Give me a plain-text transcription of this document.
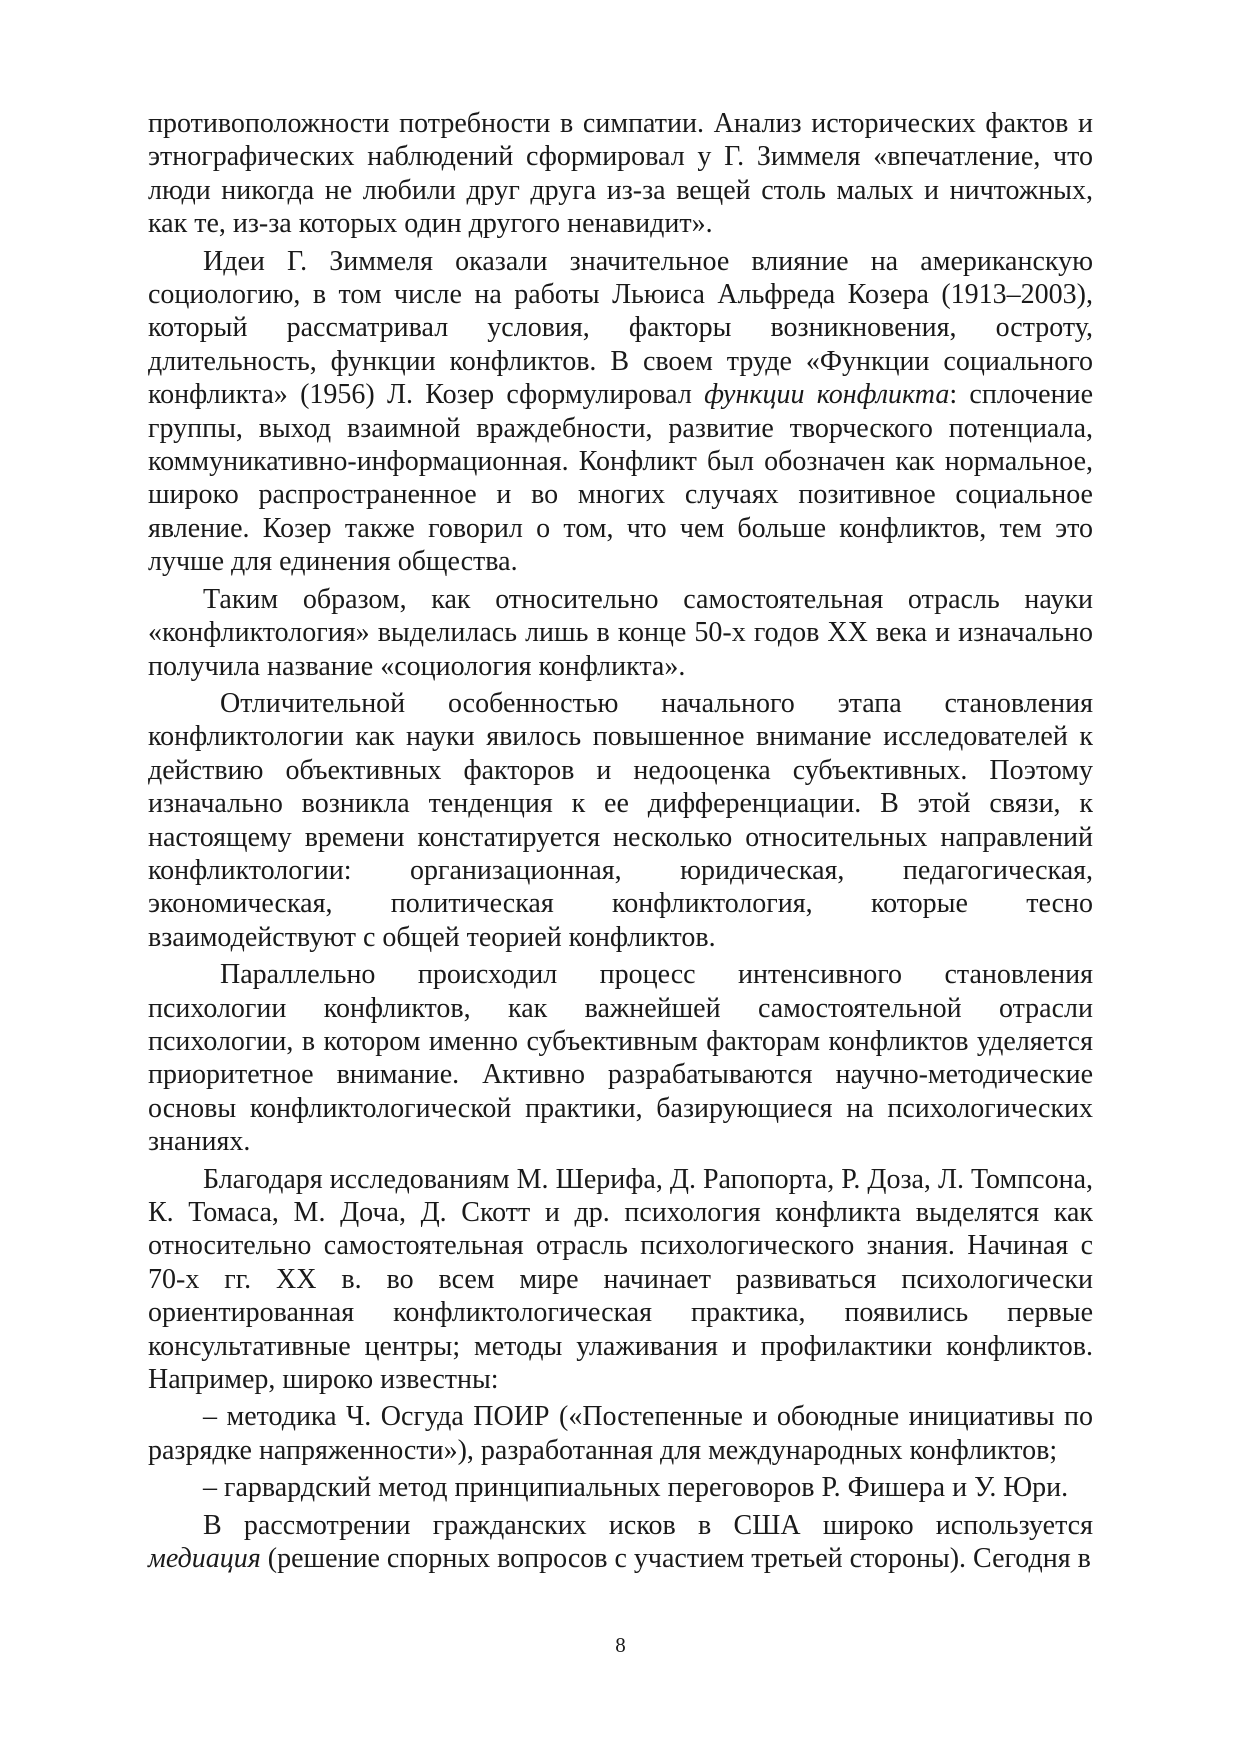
противоположности потребности в симпатии. Анализ исторических фактов и этнографических наблюдений сформировал у Г. Зиммеля «впечатление, что люди никогда не любили друг друга из-за вещей столь малых и ничтожных, как те, из-за которых один другого ненавидит».

Идеи Г. Зиммеля оказали значительное влияние на американскую социологию, в том числе на работы Льюиса Альфреда Козера (1913–2003), который рассматривал условия, факторы возникновения, остроту, длительность, функции конфликтов. В своем труде «Функции социального конфликта» (1956) Л. Козер сформулировал функции конфликта: сплочение группы, выход взаимной враждебности, развитие творческого потенциала, коммуникативно-информационная. Конфликт был обозначен как нормальное, широко распространенное и во многих случаях позитивное социальное явление. Козер также говорил о том, что чем больше конфликтов, тем это лучше для единения общества.

Таким образом, как относительно самостоятельная отрасль науки «конфликтология» выделилась лишь в конце 50-х годов XX века и изначально получила название «социология конфликта».

Отличительной особенностью начального этапа становления конфликтологии как науки явилось повышенное внимание исследователей к действию объективных факторов и недооценка субъективных. Поэтому изначально возникла тенденция к ее дифференциации. В этой связи, к настоящему времени констатируется несколько относительных направлений конфликтологии: организационная, юридическая, педагогическая, экономическая, политическая конфликтология, которые тесно взаимодействуют с общей теорией конфликтов.

Параллельно происходил процесс интенсивного становления психологии конфликтов, как важнейшей самостоятельной отрасли психологии, в котором именно субъективным факторам конфликтов уделяется приоритетное внимание. Активно разрабатываются научно-методические основы конфликтологической практики, базирующиеся на психологических знаниях.

Благодаря исследованиям М. Шерифа, Д. Рапопорта, Р. Доза, Л. Томпсона, К. Томаса, М. Доча, Д. Скотт и др. психология конфликта выделятся как относительно самостоятельная отрасль психологического знания. Начиная с 70-х гг. XX в. во всем мире начинает развиваться психологически ориентированная конфликтологическая практика, появились первые консультативные центры; методы улаживания и профилактики конфликтов. Например, широко известны:

– методика Ч. Осгуда ПОИР («Постепенные и обоюдные инициативы по разрядке напряженности»), разработанная для международных конфликтов;

– гарвардский метод принципиальных переговоров Р. Фишера и У. Юри.

В рассмотрении гражданских исков в США широко используется медиация (решение спорных вопросов с участием третьей стороны). Сегодня в

8
